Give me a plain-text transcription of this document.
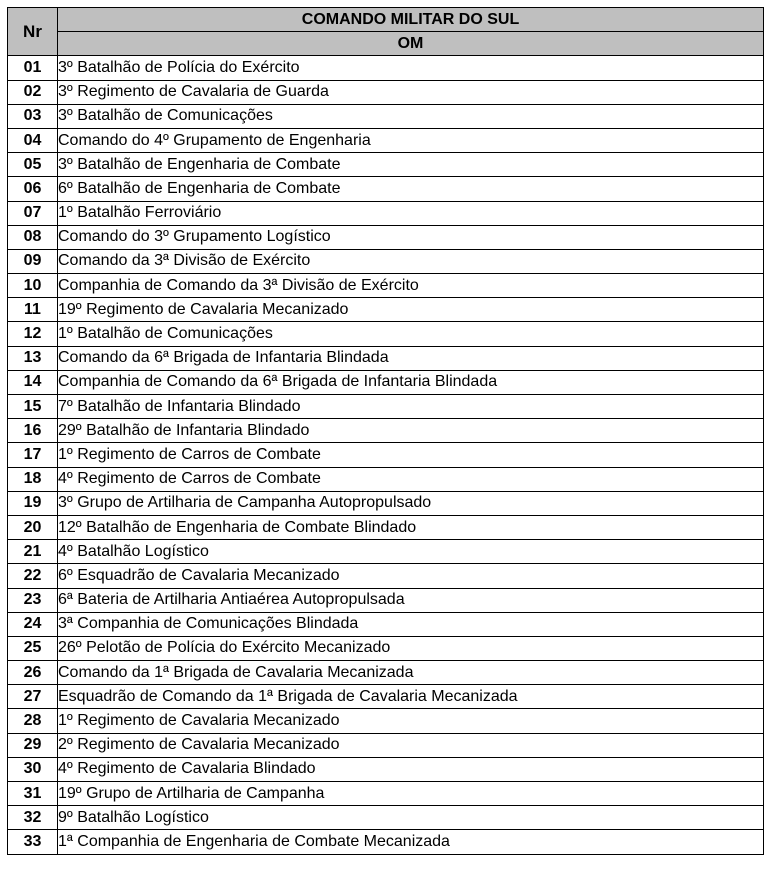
Nr	COMANDO MILITAR DO SUL
	OM
01	3º Batalhão de Polícia do Exército
02	3º Regimento de Cavalaria de Guarda
03	3º Batalhão de Comunicações
04	Comando do 4º Grupamento de Engenharia
05	3º Batalhão de Engenharia de Combate
06	6º Batalhão de Engenharia de Combate
07	1º Batalhão Ferroviário
08	Comando do 3º Grupamento Logístico
09	Comando da 3ª Divisão de Exército
10	Companhia de Comando da 3ª Divisão de Exército
11	19º Regimento de Cavalaria Mecanizado
12	1º Batalhão de Comunicações
13	Comando da 6ª Brigada de Infantaria Blindada
14	Companhia de Comando da 6ª Brigada de Infantaria Blindada
15	7º Batalhão de Infantaria Blindado
16	29º Batalhão de Infantaria Blindado
17	1º Regimento de Carros de Combate
18	4º Regimento de Carros de Combate
19	3º Grupo de Artilharia de Campanha Autopropulsado
20	12º Batalhão de Engenharia de Combate Blindado
21	4º Batalhão Logístico
22	6º Esquadrão de Cavalaria Mecanizado
23	6ª Bateria de Artilharia Antiaérea Autopropulsada
24	3ª Companhia de Comunicações Blindada
25	26º Pelotão de Polícia do Exército Mecanizado
26	Comando da 1ª Brigada de Cavalaria Mecanizada
27	Esquadrão de Comando da 1ª Brigada de Cavalaria Mecanizada
28	1º Regimento de Cavalaria Mecanizado
29	2º Regimento de Cavalaria Mecanizado
30	4º Regimento de Cavalaria Blindado
31	19º Grupo de Artilharia de Campanha
32	9º Batalhão Logístico
33	1ª Companhia de Engenharia de Combate Mecanizada
